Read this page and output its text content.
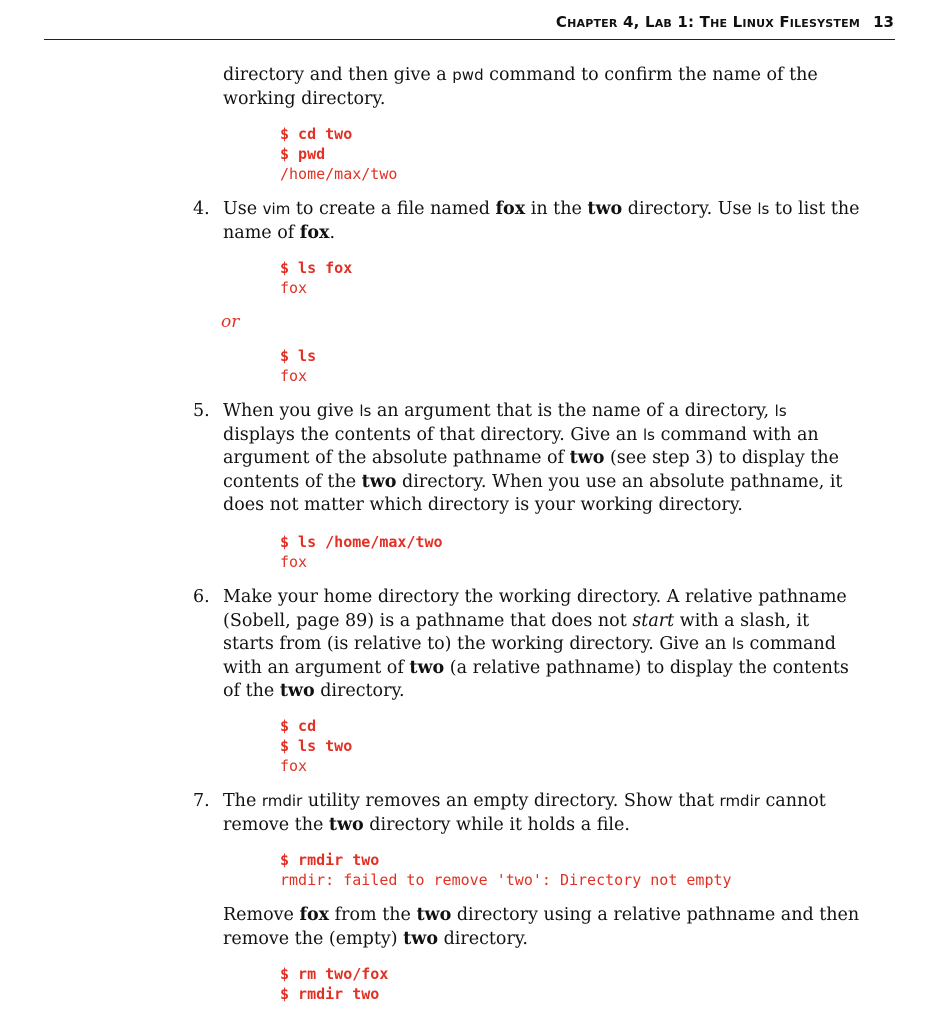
Chapter 4, Lab 1: The Linux Filesystem 13
directory and then give a pwd command to confirm the name of the working directory.
$ cd two
$ pwd
/home/max/two
4. Use vim to create a file named fox in the two directory. Use ls to list the name of fox.
$ ls fox
fox
or
$ ls
fox
5. When you give ls an argument that is the name of a directory, ls displays the contents of that directory. Give an ls command with an argument of the absolute pathname of two (see step 3) to display the contents of the two directory. When you use an absolute pathname, it does not matter which directory is your working directory.
$ ls /home/max/two
fox
6. Make your home directory the working directory. A relative pathname (Sobell, page 89) is a pathname that does not start with a slash, it starts from (is relative to) the working directory. Give an ls command with an argument of two (a relative pathname) to display the contents of the two directory.
$ cd
$ ls two
fox
7. The rmdir utility removes an empty directory. Show that rmdir cannot remove the two directory while it holds a file.
$ rmdir two
rmdir: failed to remove 'two': Directory not empty
Remove fox from the two directory using a relative pathname and then remove the (empty) two directory.
$ rm two/fox
$ rmdir two
